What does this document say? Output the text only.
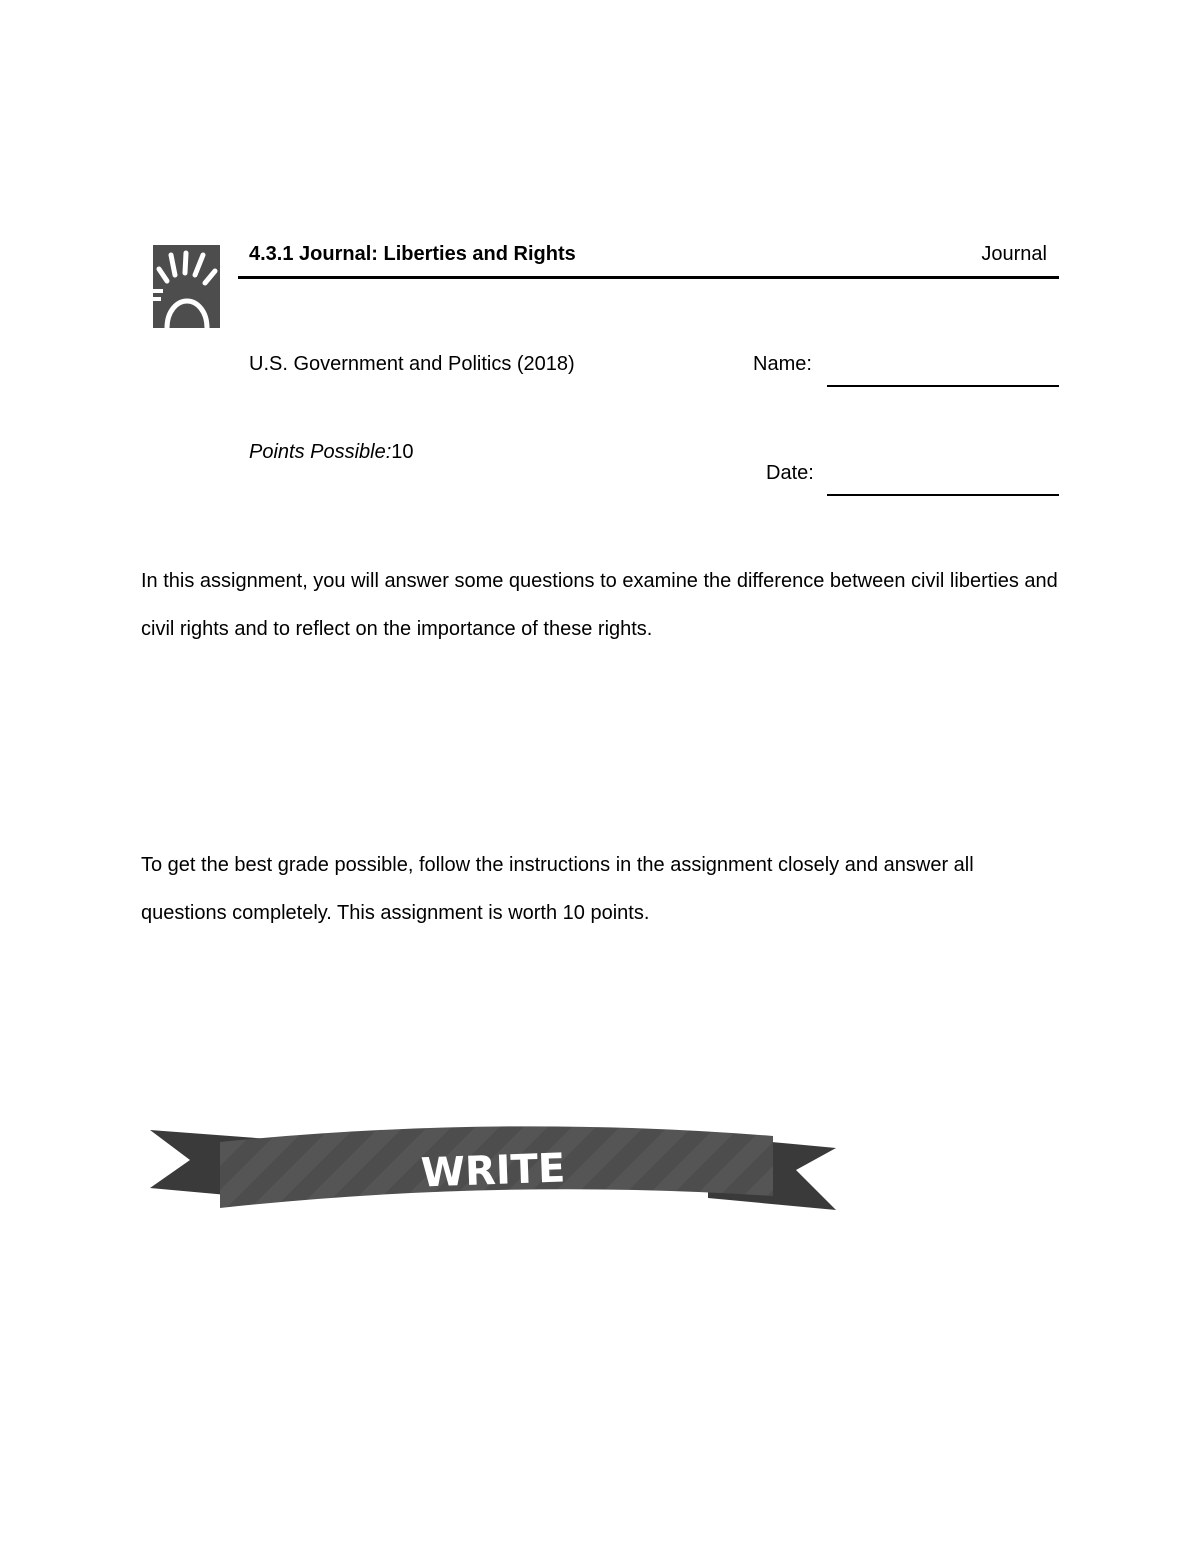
4.3.1 Journal: Liberties and Rights	Journal
U.S. Government and Politics (2018)	Name:
Points Possible:10
Date:
In this assignment, you will answer some questions to examine the difference between civil liberties and civil rights and to reflect on the importance of these rights.
To get the best grade possible, follow the instructions in the assignment closely and answer all questions completely. This assignment is worth 10 points.
WRITE
